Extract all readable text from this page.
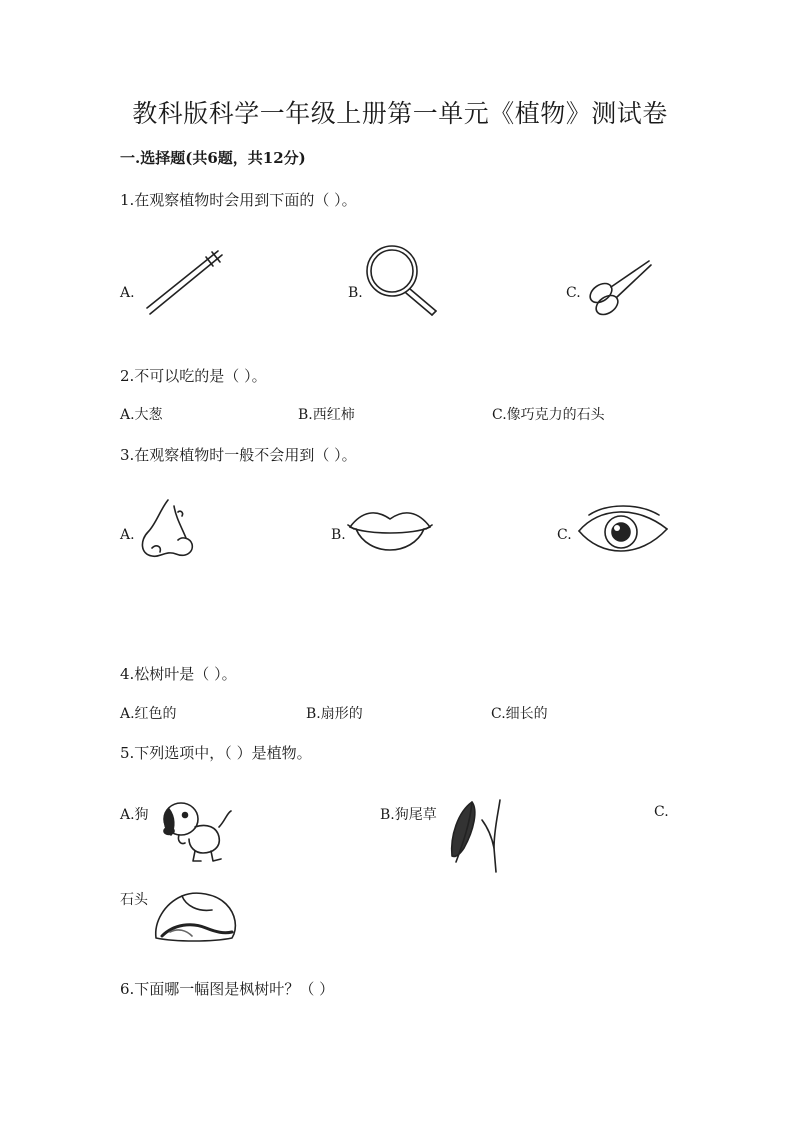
教科版科学一年级上册第一单元《植物》测试卷
一.选择题(共6题，共12分)
1.在观察植物时会用到下面的（ ）。
A.	B.	C.
2.不可以吃的是（ ）。
A.大葱	B.西红柿	C.像巧克力的石头
3.在观察植物时一般不会用到（ ）。
A.	B.	C.
4.松树叶是（ ）。
A.红色的	B.扇形的	C.细长的
5.下列选项中，（ ）是植物。
A.狗	B.狗尾草	C.
石头
6.下面哪一幅图是枫树叶？（ ）
